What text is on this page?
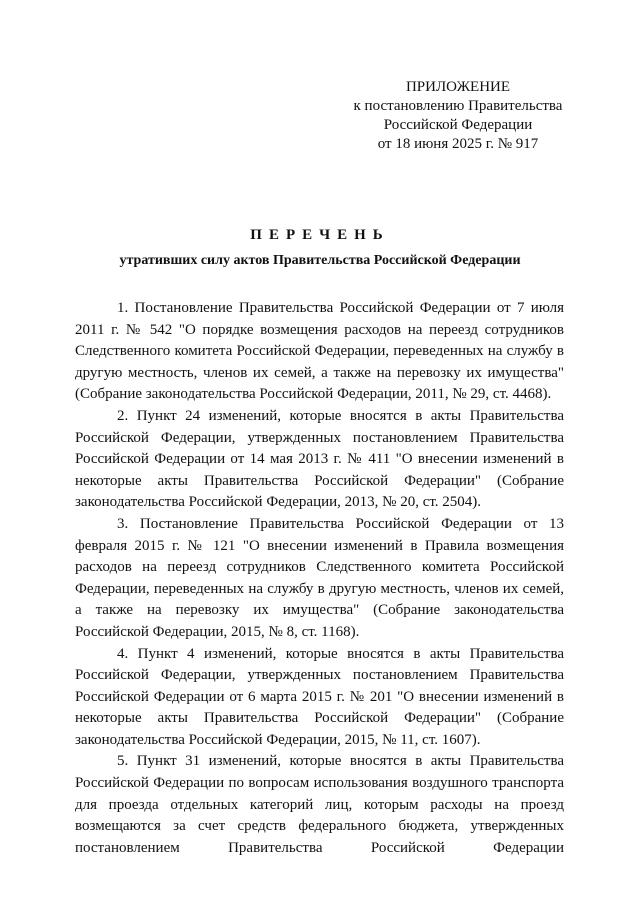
ПРИЛОЖЕНИЕ
к постановлению Правительства
Российской Федерации
от 18 июня 2025 г. № 917
ПЕРЕЧЕНЬ
утративших силу актов Правительства Российской Федерации

1. Постановление Правительства Российской Федерации от 7 июля 2011 г. № 542 "О порядке возмещения расходов на переезд сотрудников Следственного комитета Российской Федерации, переведенных на службу в другую местность, членов их семей, а также на перевозку их имущества" (Собрание законодательства Российской Федерации, 2011, № 29, ст. 4468).

2. Пункт 24 изменений, которые вносятся в акты Правительства Российской Федерации, утвержденных постановлением Правительства Российской Федерации от 14 мая 2013 г. № 411 "О внесении изменений в некоторые акты Правительства Российской Федерации" (Собрание законодательства Российской Федерации, 2013, № 20, ст. 2504).

3. Постановление Правительства Российской Федерации от 13 февраля 2015 г. № 121 "О внесении изменений в Правила возмещения расходов на переезд сотрудников Следственного комитета Российской Федерации, переведенных на службу в другую местность, членов их семей, а также на перевозку их имущества" (Собрание законодательства Российской Федерации, 2015, № 8, ст. 1168).

4. Пункт 4 изменений, которые вносятся в акты Правительства Российской Федерации, утвержденных постановлением Правительства Российской Федерации от 6 марта 2015 г. № 201 "О внесении изменений в некоторые акты Правительства Российской Федерации" (Собрание законодательства Российской Федерации, 2015, № 11, ст. 1607).

5. Пункт 31 изменений, которые вносятся в акты Правительства Российской Федерации по вопросам использования воздушного транспорта для проезда отдельных категорий лиц, которым расходы на проезд возмещаются за счет средств федерального бюджета, утвержденных постановлением Правительства Российской Федерации
